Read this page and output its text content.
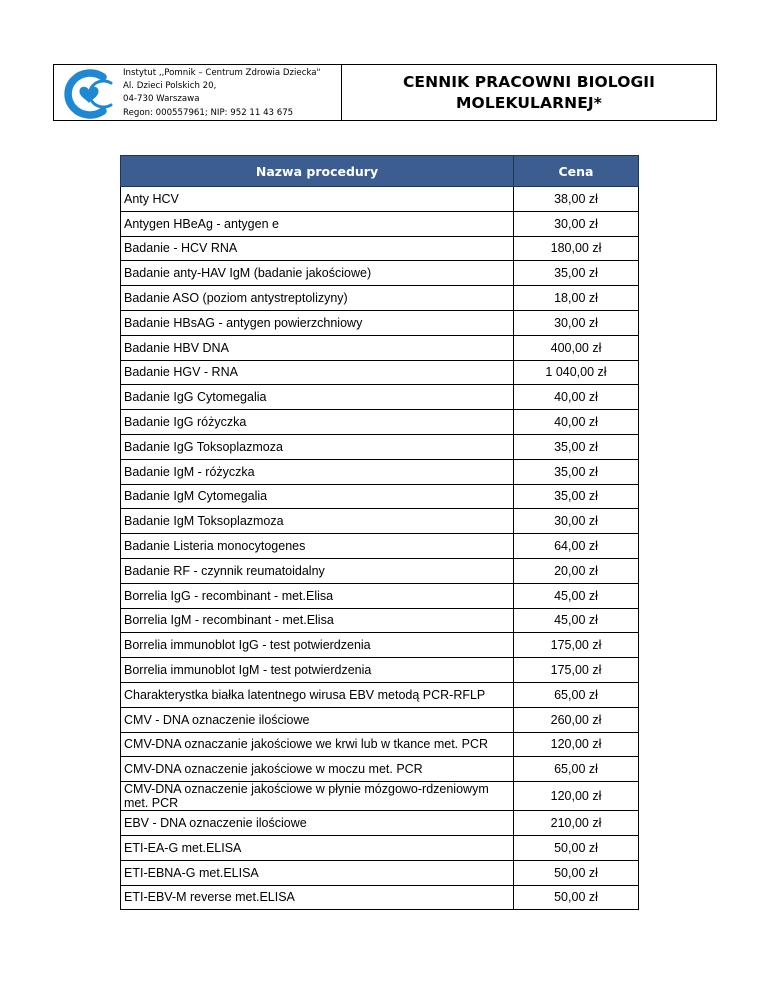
Instytut ,,Pomnik – Centrum Zdrowia Dziecka"
Al. Dzieci Polskich 20,
04-730 Warszawa
Regon: 000557961; NIP: 952 11 43 675
CENNIK PRACOWNI BIOLOGII
MOLEKULARNEJ*
Nazwa procedury	Cena
Anty HCV	38,00 zł
Antygen HBeAg - antygen e	30,00 zł
Badanie - HCV RNA	180,00 zł
Badanie anty-HAV IgM (badanie jakościowe)	35,00 zł
Badanie ASO (poziom antystreptolizyny)	18,00 zł
Badanie HBsAG - antygen powierzchniowy	30,00 zł
Badanie HBV DNA	400,00 zł
Badanie HGV - RNA	1 040,00 zł
Badanie IgG Cytomegalia	40,00 zł
Badanie IgG różyczka	40,00 zł
Badanie IgG Toksoplazmoza	35,00 zł
Badanie IgM - różyczka	35,00 zł
Badanie IgM Cytomegalia	35,00 zł
Badanie IgM Toksoplazmoza	30,00 zł
Badanie Listeria monocytogenes	64,00 zł
Badanie RF - czynnik reumatoidalny	20,00 zł
Borrelia IgG - recombinant - met.Elisa	45,00 zł
Borrelia IgM - recombinant - met.Elisa	45,00 zł
Borrelia immunoblot IgG - test potwierdzenia	175,00 zł
Borrelia immunoblot IgM - test potwierdzenia	175,00 zł
Charakterystka białka latentnego wirusa EBV metodą PCR-RFLP	65,00 zł
CMV - DNA oznaczenie ilościowe	260,00 zł
CMV-DNA oznaczanie jakościowe we krwi lub w tkance met. PCR	120,00 zł
CMV-DNA oznaczenie jakościowe w moczu met. PCR	65,00 zł
CMV-DNA oznaczenie jakościowe w płynie mózgowo-rdzeniowym met. PCR	120,00 zł
EBV - DNA oznaczenie ilościowe	210,00 zł
ETI-EA-G met.ELISA	50,00 zł
ETI-EBNA-G met.ELISA	50,00 zł
ETI-EBV-M reverse met.ELISA	50,00 zł
